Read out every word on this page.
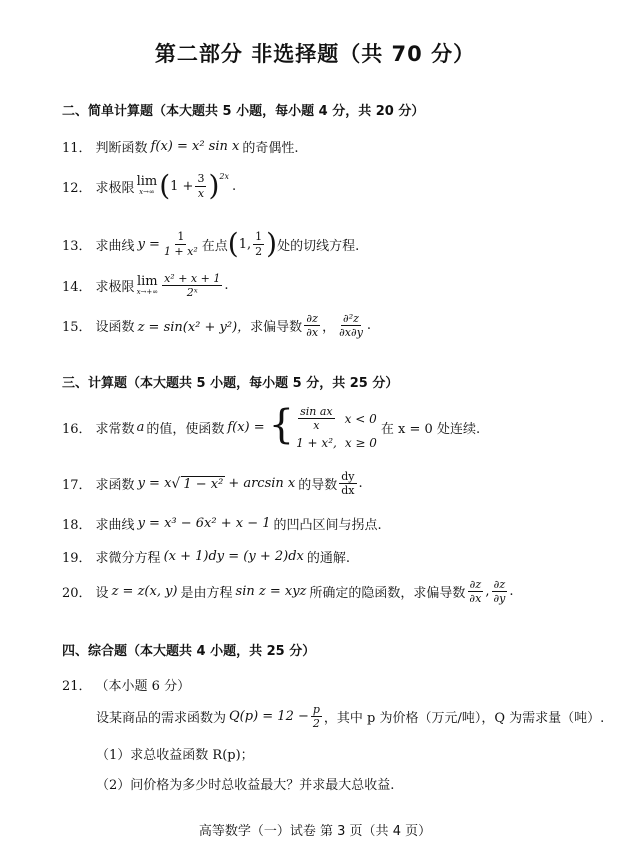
第二部分 非选择题（共 70 分）
二、简单计算题（本大题共 5 小题，每小题 4 分，共 20 分）
11． 判断函数 f(x) = x² sin x 的奇偶性.
12． 求极限 lim
x→∞ ( $1 + \frac{3}{x}$ ) 2x
.
13． 求曲线 $y = \frac{1}{\text{1 + x²}}$ 在点 ( 1, $\frac{1}{2}$ ) 处的切线方程.
14． 求极限 lim
$x\to+\infty \frac{\text{x² + x + 1}}{\text{2ˣ}}$ .
15． 设函数 z = sin(x² + y²)， 求偏导数 $\frac{\partial z}{\partial x}$ ， $\frac{\text{∂²z}}{\partial x\partial y}$ .
三、计算题（本大题共 5 小题，每小题 5 分，共 25 分）
16． 求常数 a 的值，使函数 f(x) = { $\frac{\text{sin ax}}{x}$ x < 0
1 + x², x ≥ 0
在 x = 0 处连续.
17． 求函数 y = x √ 1 − x² + arcsin x 的导数 $\frac{dy}{dx}$ .
18． 求曲线 y = x³ − 6x² + x − 1 的凹凸区间与拐点.
19． 求微分方程 (x + 1)dy = (y + 2)dx 的通解.
20． 设 z = z(x, y) 是由方程 sin z = xyz 所确定的隐函数，求偏导数 $\frac{\partial z}{\partial x}$ , $\frac{\partial z}{\partial y}$ .
四、综合题（本大题共 4 小题，共 25 分）
21． （本小题 6 分）
设某商品的需求函数为 $Q(p) = 12 - \frac{p}{2}$ ，其中 p 为价格（万元/吨），Q 为需求量（吨）.
（1）求总收益函数 R(p)；
（2）问价格为多少时总收益最大？并求最大总收益.
高等数学（一）试卷 第 3 页（共 4 页）
